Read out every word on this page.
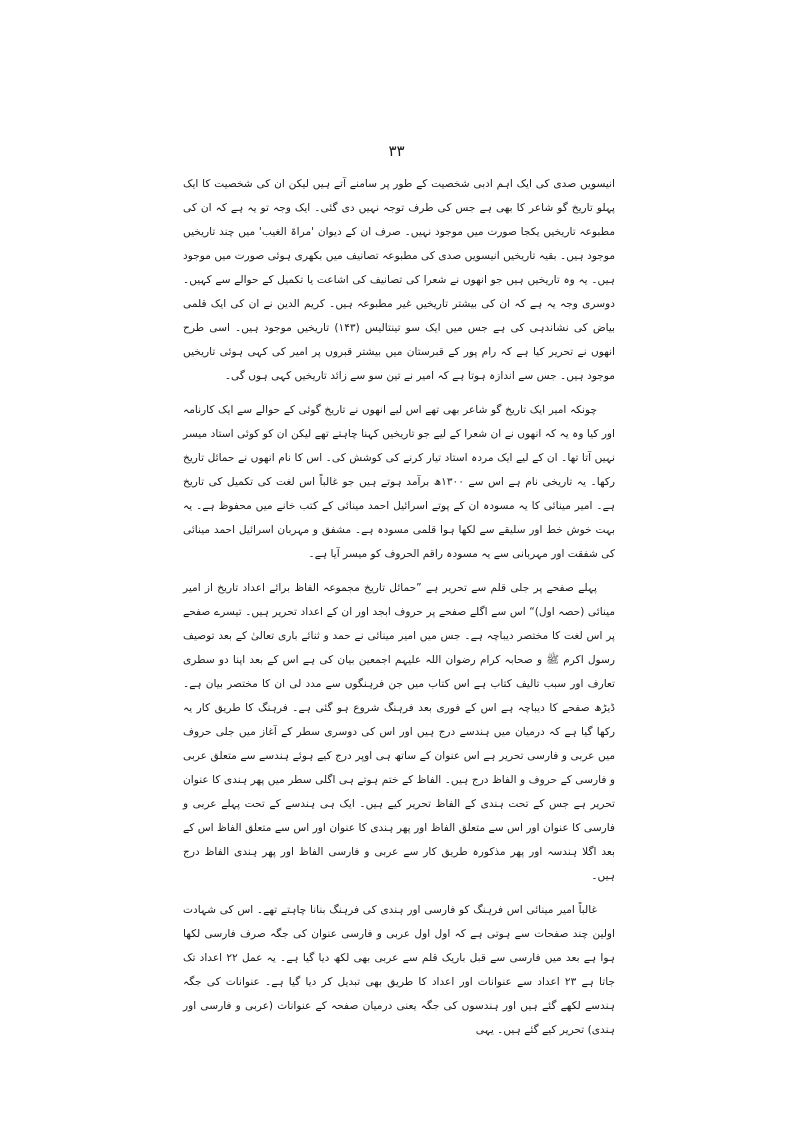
۳۳

انیسویں صدی کی ایک اہم ادبی شخصیت کے طور پر سامنے آتے ہیں لیکن ان کی شخصیت کا ایک پہلو تاریخ گو شاعر کا بھی ہے جس کی طرف توجہ نہیں دی گئی۔ ایک وجہ تو یہ ہے کہ ان کی مطبوعہ تاریخیں یکجا صورت میں موجود نہیں۔ صرف ان کے دیوان 'مراۃ الغیب' میں چند تاریخیں موجود ہیں۔ بقیہ تاریخیں انیسویں صدی کی مطبوعہ تصانیف میں بکھری ہوئی صورت میں موجود ہیں۔ یہ وہ تاریخیں ہیں جو انھوں نے شعرا کی تصانیف کی اشاعت یا تکمیل کے حوالے سے کہیں۔ دوسری وجہ یہ ہے کہ ان کی بیشتر تاریخیں غیر مطبوعہ ہیں۔ کریم الدین نے ان کی ایک قلمی بیاض کی نشاندہی کی ہے جس میں ایک سو تینتالیس (۱۴۳) تاریخیں موجود ہیں۔ اسی طرح انھوں نے تحریر کیا ہے کہ رام پور کے قبرستان میں بیشتر قبروں پر امیر کی کہی ہوئی تاریخیں موجود ہیں۔ جس سے اندازہ ہوتا ہے کہ امیر نے تین سو سے زائد تاریخیں کہی ہوں گی۔

چونکہ امیر ایک تاریخ گو شاعر بھی تھے اس لیے انھوں نے تاریخ گوئی کے حوالے سے ایک کارنامہ اور کیا وہ یہ کہ انھوں نے ان شعرا کے لیے جو تاریخیں کہنا چاہتے تھے لیکن ان کو کوئی استاد میسر نہیں آتا تھا۔ ان کے لیے ایک مردہ استاد تیار کرنے کی کوشش کی۔ اس کا نام انھوں نے حمائل تاریخ رکھا۔ یہ تاریخی نام ہے اس سے ۱۳۰۰ھ برآمد ہوتے ہیں جو غالباً اس لغت کی تکمیل کی تاریخ ہے۔ امیر مینائی کا یہ مسودہ ان کے پوتے اسرائیل احمد مینائی کے کتب خانے میں محفوظ ہے۔ یہ بہت خوش خط اور سلیقے سے لکھا ہوا قلمی مسودہ ہے۔ مشفق و مہربان اسرائیل احمد مینائی کی شفقت اور مہربانی سے یہ مسودہ راقم الحروف کو میسر آیا ہے۔

پہلے صفحے پر جلی قلم سے تحریر ہے ”حمائل تاریخ مجموعہ الفاظ برائے اعداد تاریخ از امیر مینائی (حصہ اول)“ اس سے اگلے صفحے پر حروف ابجد اور ان کے اعداد تحریر ہیں۔ تیسرے صفحے پر اس لغت کا مختصر دیباچہ ہے۔ جس میں امیر مینائی نے حمد و ثنائے باری تعالیٰ کے بعد توصیف رسول اکرم ﷺ و صحابہ کرام رضوان اللہ علیہم اجمعین بیان کی ہے اس کے بعد اپنا دو سطری تعارف اور سبب تالیف کتاب ہے اس کتاب میں جن فرہنگوں سے مدد لی ان کا مختصر بیان ہے۔ ڈیڑھ صفحے کا دیباچہ ہے اس کے فوری بعد فرہنگ شروع ہو گئی ہے۔ فرہنگ کا طریق کار یہ رکھا گیا ہے کہ درمیان میں ہندسے درج ہیں اور اس کی دوسری سطر کے آغاز میں جلی حروف میں عربی و فارسی تحریر ہے اس عنوان کے ساتھ ہی اوپر درج کیے ہوئے ہندسے سے متعلق عربی و فارسی کے حروف و الفاظ درج ہیں۔ الفاظ کے ختم ہوتے ہی اگلی سطر میں پھر ہندی کا عنوان تحریر ہے جس کے تحت ہندی کے الفاظ تحریر کیے ہیں۔ ایک ہی ہندسے کے تحت پہلے عربی و فارسی کا عنوان اور اس سے متعلق الفاظ اور پھر ہندی کا عنوان اور اس سے متعلق الفاظ اس کے بعد اگلا ہندسہ اور پھر مذکورہ طریق کار سے عربی و فارسی الفاظ اور پھر ہندی الفاظ درج ہیں۔

غالباً امیر مینائی اس فرہنگ کو فارسی اور ہندی کی فرہنگ بنانا چاہتے تھے۔ اس کی شہادت اولین چند صفحات سے ہوتی ہے کہ اول اول عربی و فارسی عنوان کی جگہ صرف فارسی لکھا ہوا ہے بعد میں فارسی سے قبل باریک قلم سے عربی بھی لکھ دیا گیا ہے۔ یہ عمل ۲۲ اعداد تک جاتا ہے ۲۳ اعداد سے عنوانات اور اعداد کا طریق بھی تبدیل کر دیا گیا ہے۔ عنوانات کی جگہ ہندسے لکھے گئے ہیں اور ہندسوں کی جگہ یعنی درمیان صفحہ کے عنوانات (عربی و فارسی اور ہندی) تحریر کیے گئے ہیں۔ یہی
